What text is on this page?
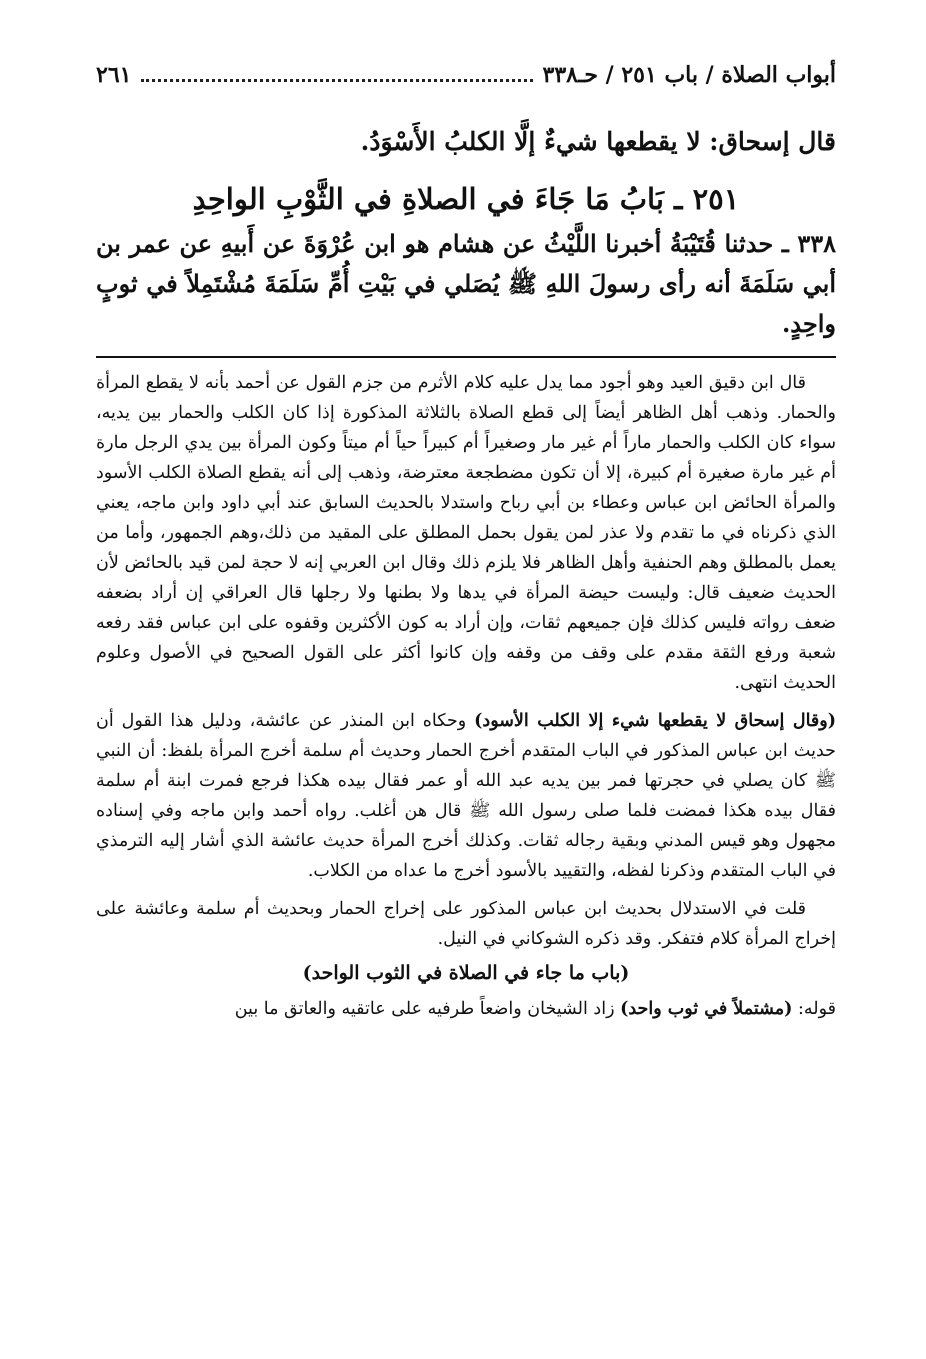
أبواب الصلاة / باب ٢٥١ / حـ٣٣٨
٢٦١
قال إسحاق: لا يقطعها شيءٌ إلَّا الكلبُ الأَسْوَدُ.
٢٥١ ـ بَابُ مَا جَاءَ في الصلاةِ في الثَّوْبِ الواحِدِ
٣٣٨ ـ حدثنا قُتَيْبَةُ أخبرنا اللَّيْثُ عن هشام هو ابن عُرْوَةَ عن أَبيهِ عن عمر بن أبي سَلَمَةَ أنه رأى رسولَ اللهِ ﷺ يُصَلي في بَيْتِ أُمِّ سَلَمَةَ مُشْتَمِلاً في ثوبٍ واحِدٍ.

قال ابن دقيق العيد وهو أجود مما يدل عليه كلام الأثرم من جزم القول عن أحمد بأنه لا يقطع المرأة والحمار. وذهب أهل الظاهر أيضاً إلى قطع الصلاة بالثلاثة المذكورة إذا كان الكلب والحمار بين يديه، سواء كان الكلب والحمار ماراً أم غير مار وصغيراً أم كبيراً حياً أم ميتاً وكون المرأة بين يدي الرجل مارة أم غير مارة صغيرة أم كبيرة، إلا أن تكون مضطجعة معترضة، وذهب إلى أنه يقطع الصلاة الكلب الأسود والمرأة الحائض ابن عباس وعطاء بن أبي رباح واستدلا بالحديث السابق عند أبي داود وابن ماجه، يعني الذي ذكرناه في ما تقدم ولا عذر لمن يقول بحمل المطلق على المقيد من ذلك،وهم الجمهور، وأما من يعمل بالمطلق وهم الحنفية وأهل الظاهر فلا يلزم ذلك وقال ابن العربي إنه لا حجة لمن قيد بالحائض لأن الحديث ضعيف قال: وليست حيضة المرأة في يدها ولا بطنها ولا رجلها قال العراقي إن أراد بضعفه ضعف رواته فليس كذلك فإن جميعهم ثقات، وإن أراد به كون الأكثرين وقفوه على ابن عباس فقد رفعه شعبة ورفع الثقة مقدم على وقف من وقفه وإن كانوا أكثر على القول الصحيح في الأصول وعلوم الحديث انتهى.

(وقال إسحاق لا يقطعها شيء إلا الكلب الأسود) وحكاه ابن المنذر عن عائشة، ودليل هذا القول أن حديث ابن عباس المذكور في الباب المتقدم أخرج الحمار وحديث أم سلمة أخرج المرأة بلفظ: أن النبي ﷺ كان يصلي في حجرتها فمر بين يديه عبد الله أو عمر فقال بيده هكذا فرجع فمرت ابنة أم سلمة فقال بيده هكذا فمضت فلما صلى رسول الله ﷺ قال هن أغلب. رواه أحمد وابن ماجه وفي إسناده مجهول وهو قيس المدني وبقية رجاله ثقات. وكذلك أخرج المرأة حديث عائشة الذي أشار إليه الترمذي في الباب المتقدم وذكرنا لفظه، والتقييد بالأسود أخرج ما عداه من الكلاب.

قلت في الاستدلال بحديث ابن عباس المذكور على إخراج الحمار وبحديث أم سلمة وعائشة على إخراج المرأة كلام فتفكر. وقد ذكره الشوكاني في النيل.

(باب ما جاء في الصلاة في الثوب الواحد)

قوله: (مشتملاً في ثوب واحد) زاد الشيخان واضعاً طرفيه على عاتقيه والعاتق ما بين
